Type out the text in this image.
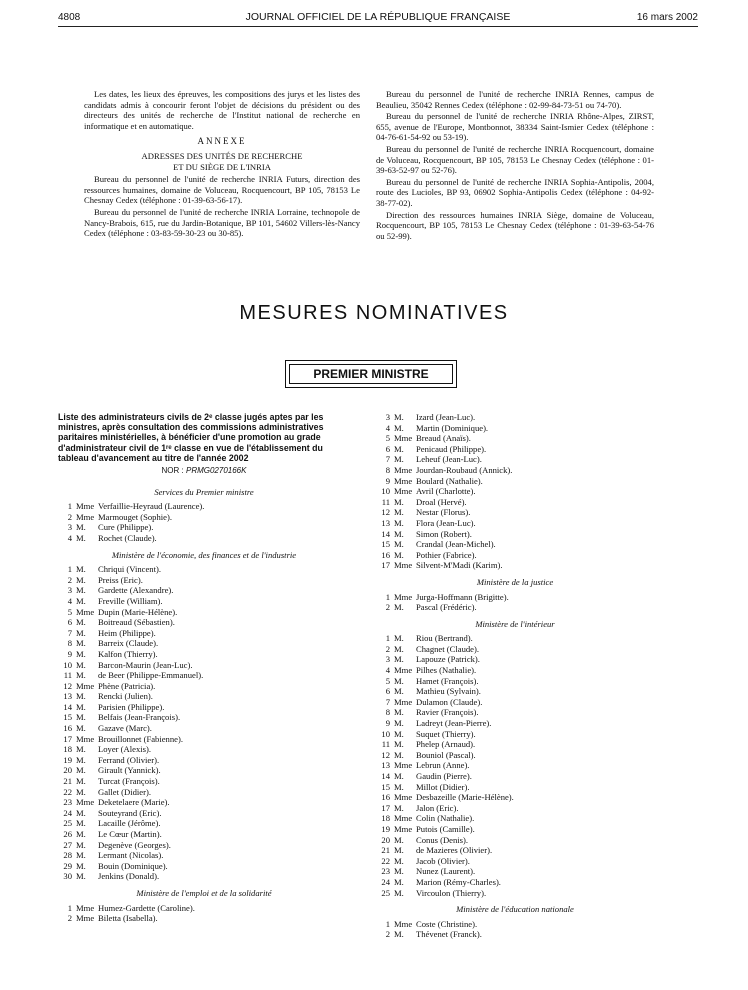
4808	JOURNAL OFFICIEL DE LA RÉPUBLIQUE FRANÇAISE	16 mars 2002

Les dates, les lieux des épreuves, les compositions des jurys et les listes des candidats admis à concourir feront l'objet de décisions du président ou des directeurs des unités de recherche de l'Institut national de recherche en informatique et en automatique.

ANNEXE
ADRESSES DES UNITÉS DE RECHERCHE
ET DU SIÈGE DE L'INRIA

Bureau du personnel de l'unité de recherche INRIA Futurs, direction des ressources humaines, domaine de Voluceau, Rocquencourt, BP 105, 78153 Le Chesnay Cedex (téléphone : 01-39-63-56-17).

Bureau du personnel de l'unité de recherche INRIA Lorraine, technopole de Nancy-Brabois, 615, rue du Jardin-Botanique, BP 101, 54602 Villers-lès-Nancy Cedex (téléphone : 03-83-59-30-23 ou 30-85).

Bureau du personnel de l'unité de recherche INRIA Rennes, campus de Beaulieu, 35042 Rennes Cedex (téléphone : 02-99-84-73-51 ou 74-70).

Bureau du personnel de l'unité de recherche INRIA Rhône-Alpes, ZIRST, 655, avenue de l'Europe, Montbonnot, 38334 Saint-Ismier Cedex (téléphone : 04-76-61-54-92 ou 53-19).

Bureau du personnel de l'unité de recherche INRIA Rocquencourt, domaine de Voluceau, Rocquencourt, BP 105, 78153 Le Chesnay Cedex (téléphone : 01-39-63-52-97 ou 52-76).

Bureau du personnel de l'unité de recherche INRIA Sophia-Antipolis, 2004, route des Lucioles, BP 93, 06902 Sophia-Antipolis Cedex (téléphone : 04-92-38-77-02).

Direction des ressources humaines INRIA Siège, domaine de Voluceau, Rocquencourt, BP 105, 78153 Le Chesnay Cedex (téléphone : 01-39-63-54-76 ou 52-99).

MESURES NOMINATIVES
PREMIER MINISTRE
Liste des administrateurs civils de 2ᵉ classe jugés aptes par les ministres, après consultation des commissions administratives paritaires ministérielles, à bénéficier d'une promotion au grade d'administrateur civil de 1ʳᵉ classe en vue de l'établissement du tableau d'avancement au titre de l'année 2002
NOR : PRMG0270166K
Services du Premier ministre
1 Mme Verfaillie-Heyraud (Laurence).
2 Mme Marmouget (Sophie).
3 M. Cure (Philippe).
4 M. Rochet (Claude).
Ministère de l'économie, des finances et de l'industrie
1 M. Chriqui (Vincent).
2 M. Preiss (Eric).
3 M. Gardette (Alexandre).
4 M. Freville (William).
5 Mme Dupin (Marie-Hélène).
6 M. Boitreaud (Sébastien).
7 M. Heim (Philippe).
8 M. Barreix (Claude).
9 M. Kalfon (Thierry).
10 M. Barcon-Maurin (Jean-Luc).
11 M. de Beer (Philippe-Emmanuel).
12 Mme Phène (Patricia).
13 M. Rencki (Julien).
14 M. Parisien (Philippe).
15 M. Belfais (Jean-François).
16 M. Gazave (Marc).
17 Mme Brouillonnet (Fabienne).
18 M. Loyer (Alexis).
19 M. Ferrand (Olivier).
20 M. Girault (Yannick).
21 M. Turcat (François).
22 M. Gallet (Didier).
23 Mme Deketelaere (Marie).
24 M. Souteyrand (Eric).
25 M. Lacaille (Jérôme).
26 M. Le Cœur (Martin).
27 M. Degenève (Georges).
28 M. Lermant (Nicolas).
29 M. Bouin (Dominique).
30 M. Jenkins (Donald).
Ministère de l'emploi et de la solidarité
1 Mme Humez-Gardette (Caroline).
2 Mme Biletta (Isabella).
3 M. Izard (Jean-Luc).
4 M. Martin (Dominique).
5 Mme Breaud (Anaïs).
6 M. Penicaud (Philippe).
7 M. Leheuf (Jean-Luc).
8 Mme Jourdan-Roubaud (Annick).
9 Mme Boulard (Nathalie).
10 Mme Avril (Charlotte).
11 M. Droal (Hervé).
12 M. Nestar (Florus).
13 M. Flora (Jean-Luc).
14 M. Simon (Robert).
15 M. Crandal (Jean-Michel).
16 M. Pothier (Fabrice).
17 Mme Silvent-M'Madi (Karim).
Ministère de la justice
1 Mme Jurga-Hoffmann (Brigitte).
2 M. Pascal (Frédéric).
Ministère de l'intérieur
1 M. Riou (Bertrand).
2 M. Chagnet (Claude).
3 M. Lapouze (Patrick).
4 Mme Pilhes (Nathalie).
5 M. Hamet (François).
6 M. Mathieu (Sylvain).
7 Mme Dulamon (Claude).
8 M. Ravier (François).
9 M. Ladreyt (Jean-Pierre).
10 M. Suquet (Thierry).
11 M. Phelep (Arnaud).
12 M. Bouniol (Pascal).
13 Mme Lebrun (Anne).
14 M. Gaudin (Pierre).
15 M. Millot (Didier).
16 Mme Desbazeille (Marie-Hélène).
17 M. Jalon (Eric).
18 Mme Colin (Nathalie).
19 Mme Putois (Camille).
20 M. Conus (Denis).
21 M. de Mazieres (Olivier).
22 M. Jacob (Olivier).
23 M. Nunez (Laurent).
24 M. Marion (Rémy-Charles).
25 M. Vircoulon (Thierry).
Ministère de l'éducation nationale
1 Mme Coste (Christine).
2 M. Thévenet (Franck).
